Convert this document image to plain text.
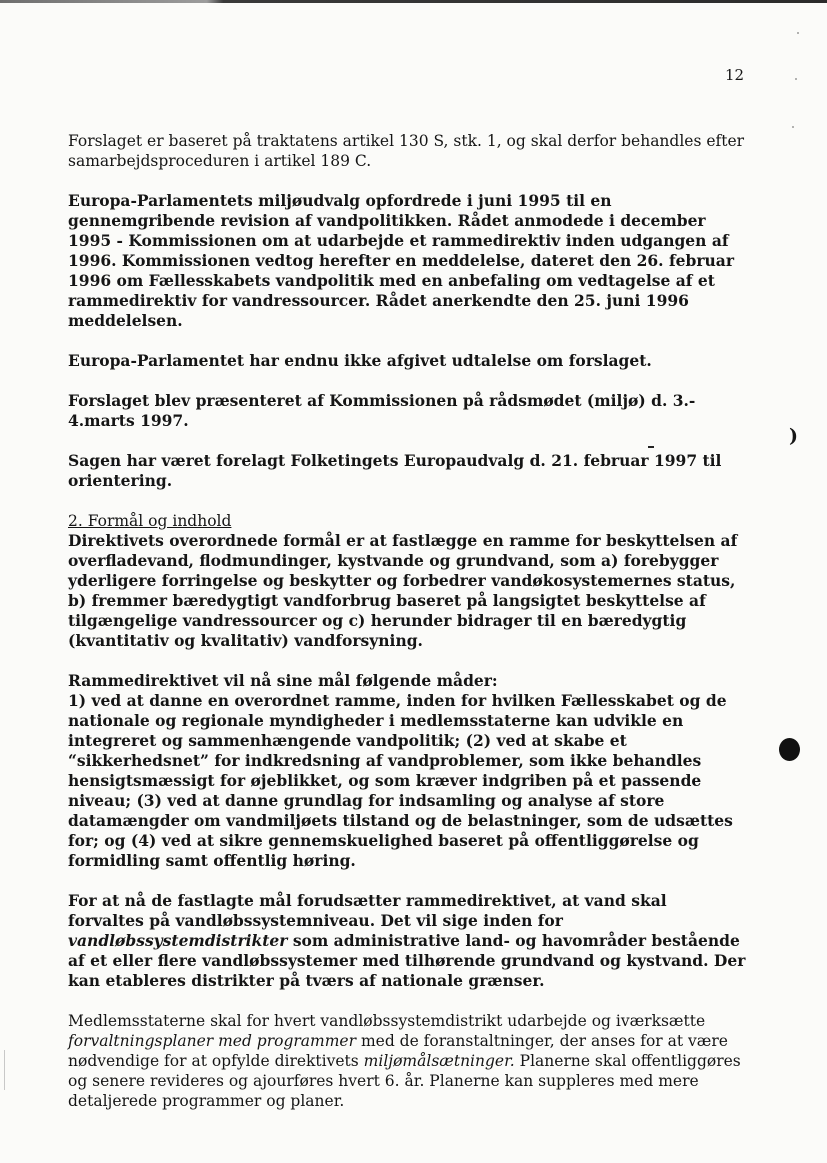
12

Forslaget er baseret på traktatens artikel 130 S, stk. 1, og skal derfor behandles efter samarbejdsproceduren i artikel 189 C.

Europa-Parlamentets miljøudvalg opfordrede i juni 1995 til en gennemgribende revision af vandpolitikken. Rådet anmodede i december 1995 - Kommissionen om at udarbejde et rammedirektiv inden udgangen af 1996. Kommissionen vedtog herefter en meddelelse, dateret den 26. februar 1996 om Fællesskabets vandpolitik med en anbefaling om vedtagelse af et rammedirektiv for vandressourcer. Rådet anerkendte den 25. juni 1996 meddelelsen.

Europa-Parlamentet har endnu ikke afgivet udtalelse om forslaget.

Forslaget blev præsenteret af Kommissionen på rådsmødet (miljø) d. 3.- 4.marts 1997.

Sagen har været forelagt Folketingets Europaudvalg d. 21. februar 1997 til orientering.

2. Formål og indhold

Direktivets overordnede formål er at fastlægge en ramme for beskyttelsen af overfladevand, flodmundinger, kystvande og grundvand, som a) forebygger yderligere forringelse og beskytter og forbedrer vandøkosystemernes status, b) fremmer bæredygtigt vandforbrug baseret på langsigtet beskyttelse af tilgængelige vandressourcer og c) herunder bidrager til en bæredygtig (kvantitativ og kvalitativ) vandforsyning.

Rammedirektivet vil nå sine mål følgende måder:

1) ved at danne en overordnet ramme, inden for hvilken Fællesskabet og de nationale og regionale myndigheder i medlemsstaterne kan udvikle en integreret og sammenhængende vandpolitik; (2) ved at skabe et “sikkerhedsnet” for indkredsning af vandproblemer, som ikke behandles hensigtsmæssigt for øjeblikket, og som kræver indgriben på et passende niveau; (3) ved at danne grundlag for indsamling og analyse af store datamængder om vandmiljøets tilstand og de belastninger, som de udsættes for; og (4) ved at sikre gennemskuelighed baseret på offentliggørelse og formidling samt offentlig høring.

For at nå de fastlagte mål forudsætter rammedirektivet, at vand skal forvaltes på vandløbssystemniveau. Det vil sige inden for vandløbssystemdistrikter som administrative land- og havområder bestående af et eller flere vandløbssystemer med tilhørende grundvand og kystvand. Der kan etableres distrikter på tværs af nationale grænser.

Medlemsstaterne skal for hvert vandløbssystemdistrikt udarbejde og iværksætte forvaltningsplaner med programmer med de foranstaltninger, der anses for at være nødvendige for at opfylde direktivets miljømålsætninger. Planerne skal offentliggøres og senere revideres og ajourføres hvert 6. år. Planerne kan suppleres med mere detaljerede programmer og planer.

)
